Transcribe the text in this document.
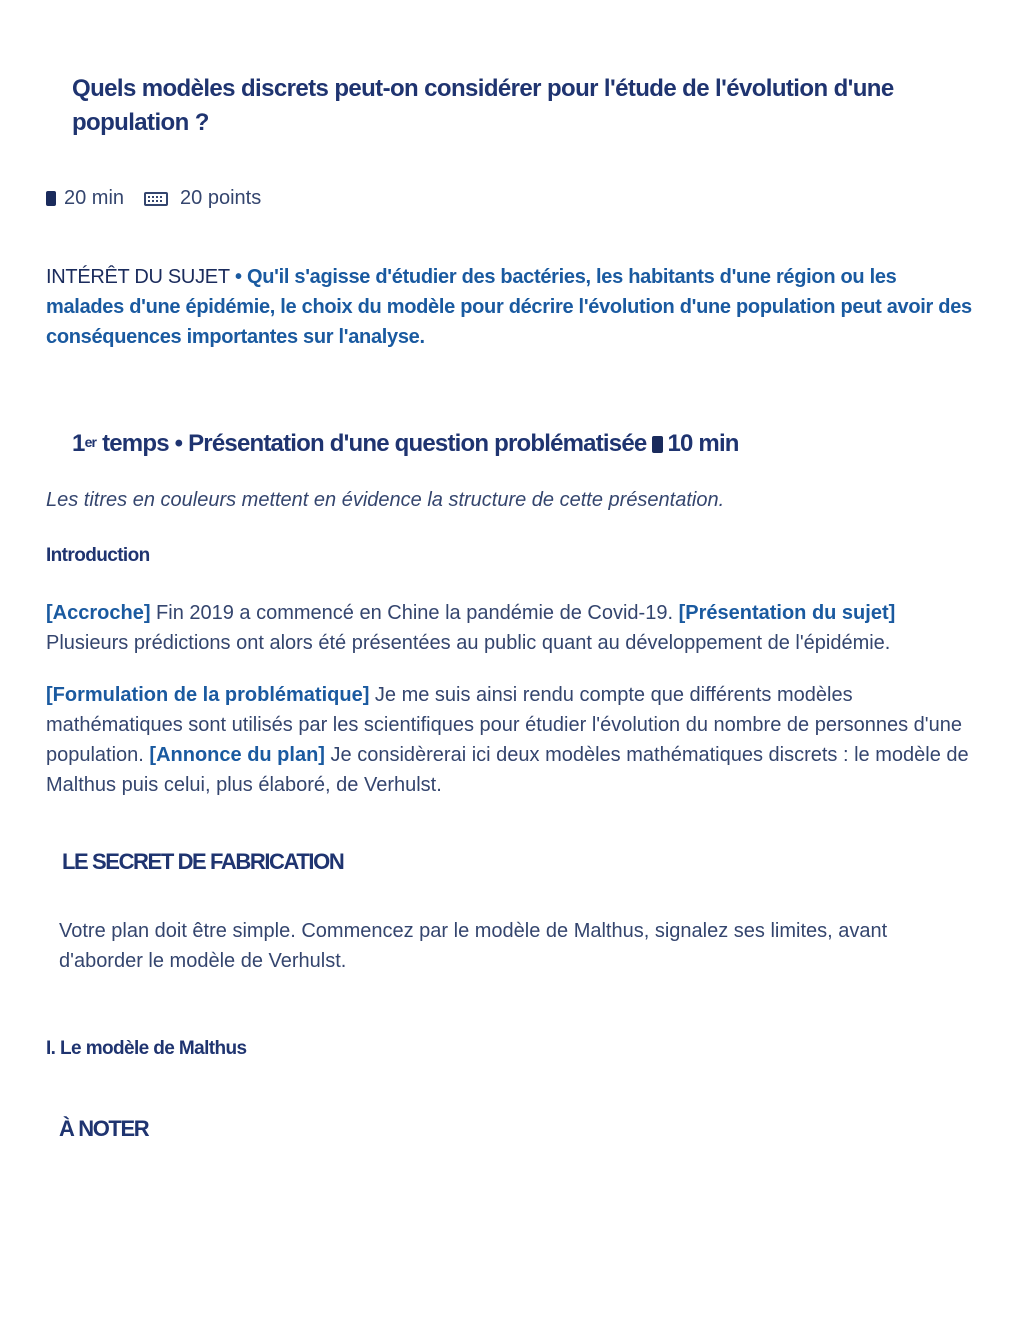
Quels modèles discrets peut-on considérer pour l'étude de l'évolution d'une population ?
20 min	20 points
INTÉRÊT DU SUJET • Qu'il s'agisse d'étudier des bactéries, les habitants d'une région ou les malades d'une épidémie, le choix du modèle pour décrire l'évolution d'une population peut avoir des conséquences importantes sur l'analyse.
1er temps • Présentation d'une question problématisée 10 min
Les titres en couleurs mettent en évidence la structure de cette présentation.
Introduction
[Accroche] Fin 2019 a commencé en Chine la pandémie de Covid-19. [Présentation du sujet] Plusieurs prédictions ont alors été présentées au public quant au développement de l'épidémie.
[Formulation de la problématique] Je me suis ainsi rendu compte que différents modèles mathématiques sont utilisés par les scientifiques pour étudier l'évolution du nombre de personnes d'une population. [Annonce du plan] Je considèrerai ici deux modèles mathématiques discrets : le modèle de Malthus puis celui, plus élaboré, de Verhulst.
LE SECRET DE FABRICATION
Votre plan doit être simple. Commencez par le modèle de Malthus, signalez ses limites, avant d'aborder le modèle de Verhulst.
I. Le modèle de Malthus
À NOTER
